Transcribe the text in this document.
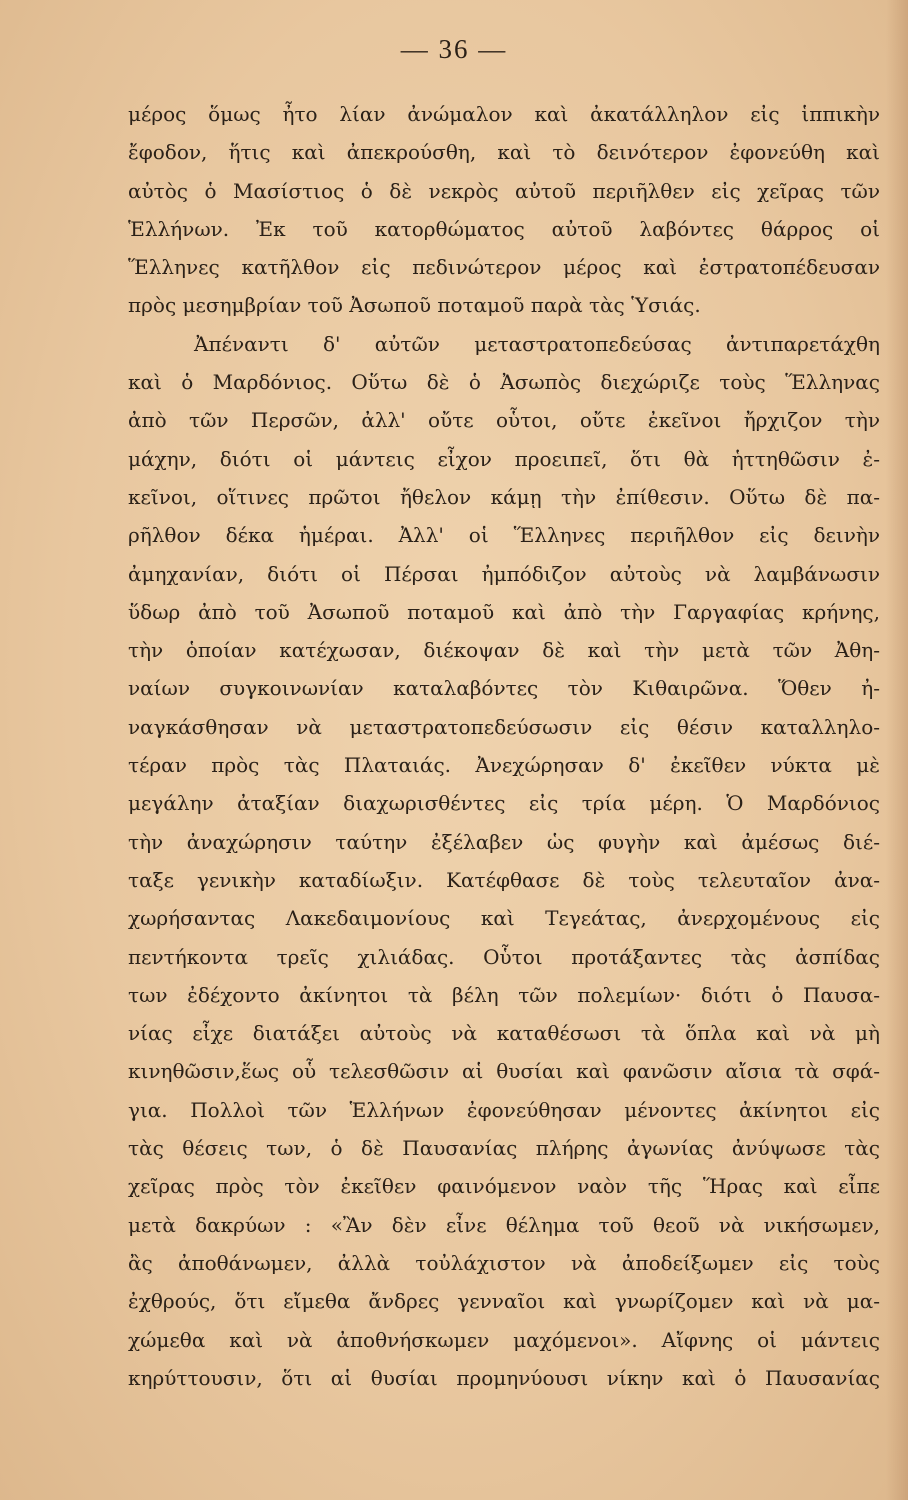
— 36 —
μέρος ὅμως ἦτο λίαν ἀνώμαλον καὶ ἀκατάλληλον εἰς ἱππικὴν
ἔφοδον, ἥτις καὶ ἀπεκρούσθη, καὶ τὸ δεινότερον ἐφονεύθη καὶ
αὐτὸς ὁ Μασίστιος ὁ δὲ νεκρὸς αὐτοῦ περιῆλθεν εἰς χεῖρας τῶν
Ἑλλήνων. Ἐκ τοῦ κατορθώματος αὐτοῦ λαβόντες θάρρος οἱ
Ἕλληνες κατῆλθον εἰς πεδινώτερον μέρος καὶ ἐστρατοπέδευσαν
πρὸς μεσημβρίαν τοῦ Ἀσωποῦ ποταμοῦ παρὰ τὰς Ὑσιάς.
Ἀπέναντι δ' αὐτῶν μεταστρατοπεδεύσας ἀντιπαρετάχθη
καὶ ὁ Μαρδόνιος. Οὕτω δὲ ὁ Ἀσωπὸς διεχώριζε τοὺς Ἕλληνας
ἀπὸ τῶν Περσῶν, ἀλλ' οὔτε οὗτοι, οὔτε ἐκεῖνοι ἤρχιζον τὴν
μάχην, διότι οἱ μάντεις εἶχον προειπεῖ, ὅτι θὰ ἡττηθῶσιν ἐ-
κεῖνοι, οἵτινες πρῶτοι ἤθελον κάμῃ τὴν ἐπίθεσιν. Οὕτω δὲ πα-
ρῆλθον δέκα ἡμέραι. Ἀλλ' οἱ Ἕλληνες περιῆλθον εἰς δεινὴν
ἀμηχανίαν, διότι οἱ Πέρσαι ἠμπόδιζον αὐτοὺς νὰ λαμβάνωσιν
ὕδωρ ἀπὸ τοῦ Ἀσωποῦ ποταμοῦ καὶ ἀπὸ τὴν Γαργαφίας κρήνης,
τὴν ὁποίαν κατέχωσαν, διέκοψαν δὲ καὶ τὴν μετὰ τῶν Ἀθη-
ναίων συγκοινωνίαν καταλαβόντες τὸν Κιθαιρῶνα. Ὅθεν ἠ-
ναγκάσθησαν νὰ μεταστρατοπεδεύσωσιν εἰς θέσιν καταλληλο-
τέραν πρὸς τὰς Πλαταιάς. Ἀνεχώρησαν δ' ἐκεῖθεν νύκτα μὲ
μεγάλην ἀταξίαν διαχωρισθέντες εἰς τρία μέρη. Ὁ Μαρδόνιος
τὴν ἀναχώρησιν ταύτην ἐξέλαβεν ὡς φυγὴν καὶ ἀμέσως διέ-
ταξε γενικὴν καταδίωξιν. Κατέφθασε δὲ τοὺς τελευταῖον ἀνα-
χωρήσαντας Λακεδαιμονίους καὶ Τεγεάτας, ἀνερχομένους εἰς
πεντήκοντα τρεῖς χιλιάδας. Οὗτοι προτάξαντες τὰς ἀσπίδας
των ἐδέχοντο ἀκίνητοι τὰ βέλη τῶν πολεμίων· διότι ὁ Παυσα-
νίας εἶχε διατάξει αὐτοὺς νὰ καταθέσωσι τὰ ὅπλα καὶ νὰ μὴ
κινηθῶσιν,ἕως οὗ τελεσθῶσιν αἱ θυσίαι καὶ φανῶσιν αἴσια τὰ σφά-
για. Πολλοὶ τῶν Ἑλλήνων ἐφονεύθησαν μένοντες ἀκίνητοι εἰς
τὰς θέσεις των, ὁ δὲ Παυσανίας πλήρης ἀγωνίας ἀνύψωσε τὰς
χεῖρας πρὸς τὸν ἐκεῖθεν φαινόμενον ναὸν τῆς Ἥρας καὶ εἶπε
μετὰ δακρύων : «Ἂν δὲν εἶνε θέλημα τοῦ θεοῦ νὰ νικήσωμεν,
ἂς ἀποθάνωμεν, ἀλλὰ τοὐλάχιστον νὰ ἀποδείξωμεν εἰς τοὺς
ἐχθρούς, ὅτι εἴμεθα ἄνδρες γενναῖοι καὶ γνωρίζομεν καὶ νὰ μα-
χώμεθα καὶ νὰ ἀποθνήσκωμεν μαχόμενοι». Αἴφνης οἱ μάντεις
κηρύττουσιν, ὅτι αἱ θυσίαι προμηνύουσι νίκην καὶ ὁ Παυσανίας
